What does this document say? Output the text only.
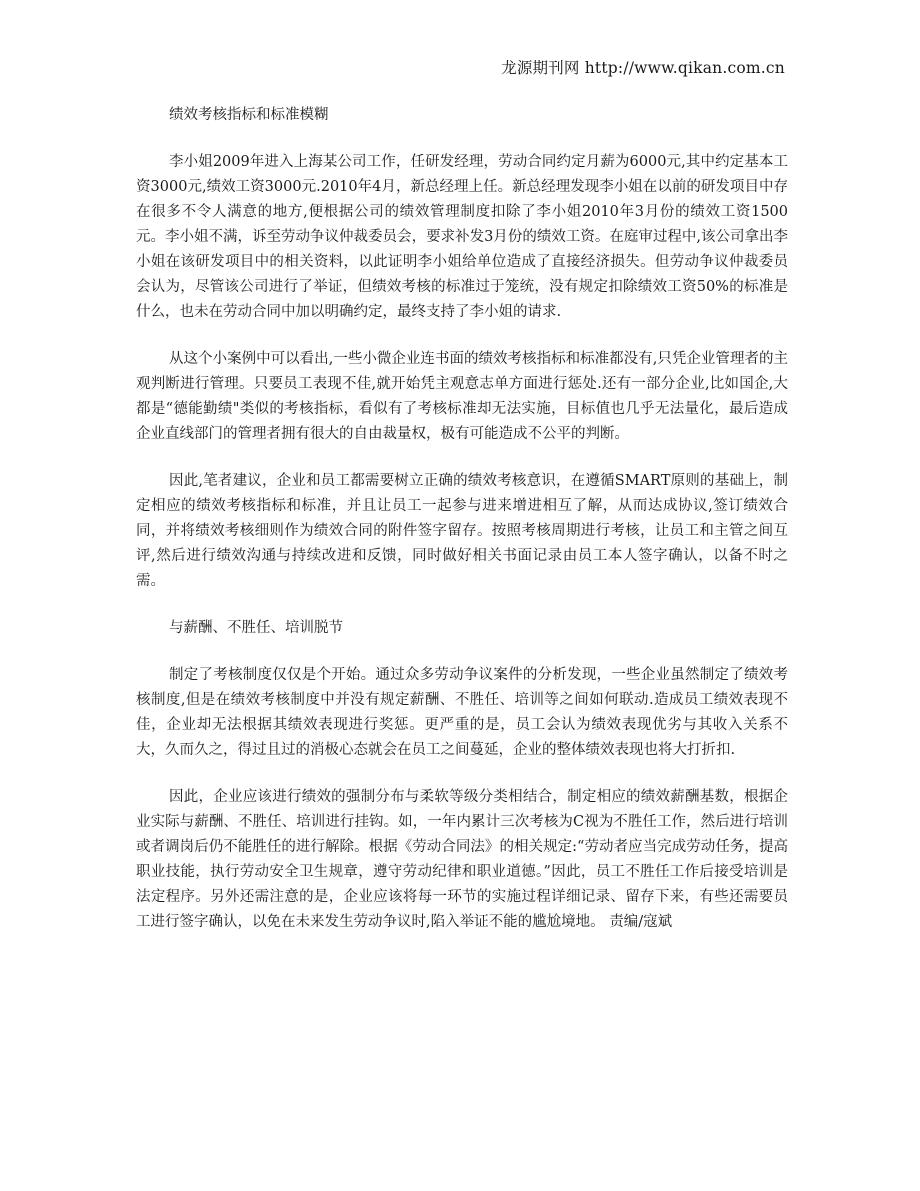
龙源期刊网 http://www.qikan.com.cn
绩效考核指标和标准模糊

李小姐2009年进入上海某公司工作，任研发经理，劳动合同约定月薪为6000元,其中约定基本工资3000元,绩效工资3000元.2010年4月，新总经理上任。新总经理发现李小姐在以前的研发项目中存在很多不令人满意的地方,便根据公司的绩效管理制度扣除了李小姐2010年3月份的绩效工资1500元。李小姐不满，诉至劳动争议仲裁委员会，要求补发3月份的绩效工资。在庭审过程中,该公司拿出李小姐在该研发项目中的相关资料，以此证明李小姐给单位造成了直接经济损失。但劳动争议仲裁委员会认为，尽管该公司进行了举证，但绩效考核的标准过于笼统，没有规定扣除绩效工资50%的标准是什么，也未在劳动合同中加以明确约定，最终支持了李小姐的请求.

从这个小案例中可以看出,一些小微企业连书面的绩效考核指标和标准都没有,只凭企业管理者的主观判断进行管理。只要员工表现不佳,就开始凭主观意志单方面进行惩处.还有一部分企业,比如国企,大都是“德能勤绩"类似的考核指标，看似有了考核标准却无法实施，目标值也几乎无法量化，最后造成企业直线部门的管理者拥有很大的自由裁量权，极有可能造成不公平的判断。

因此,笔者建议，企业和员工都需要树立正确的绩效考核意识，在遵循SMART原则的基础上，制定相应的绩效考核指标和标准，并且让员工一起参与进来增进相互了解，从而达成协议,签订绩效合同，并将绩效考核细则作为绩效合同的附件签字留存。按照考核周期进行考核，让员工和主管之间互评,然后进行绩效沟通与持续改进和反馈，同时做好相关书面记录由员工本人签字确认，以备不时之需。

与薪酬、不胜任、培训脱节

制定了考核制度仅仅是个开始。通过众多劳动争议案件的分析发现，一些企业虽然制定了绩效考核制度,但是在绩效考核制度中并没有规定薪酬、不胜任、培训等之间如何联动.造成员工绩效表现不佳，企业却无法根据其绩效表现进行奖惩。更严重的是，员工会认为绩效表现优劣与其收入关系不大，久而久之，得过且过的消极心态就会在员工之间蔓延，企业的整体绩效表现也将大打折扣.

因此，企业应该进行绩效的强制分布与柔软等级分类相结合，制定相应的绩效薪酬基数，根据企业实际与薪酬、不胜任、培训进行挂钩。如，一年内累计三次考核为C视为不胜任工作，然后进行培训或者调岗后仍不能胜任的进行解除。根据《劳动合同法》的相关规定:“劳动者应当完成劳动任务，提高职业技能，执行劳动安全卫生规章，遵守劳动纪律和职业道德。”因此，员工不胜任工作后接受培训是法定程序。另外还需注意的是，企业应该将每一环节的实施过程详细记录、留存下来，有些还需要员工进行签字确认，以免在未来发生劳动争议时,陷入举证不能的尴尬境地。 责编/寇斌
